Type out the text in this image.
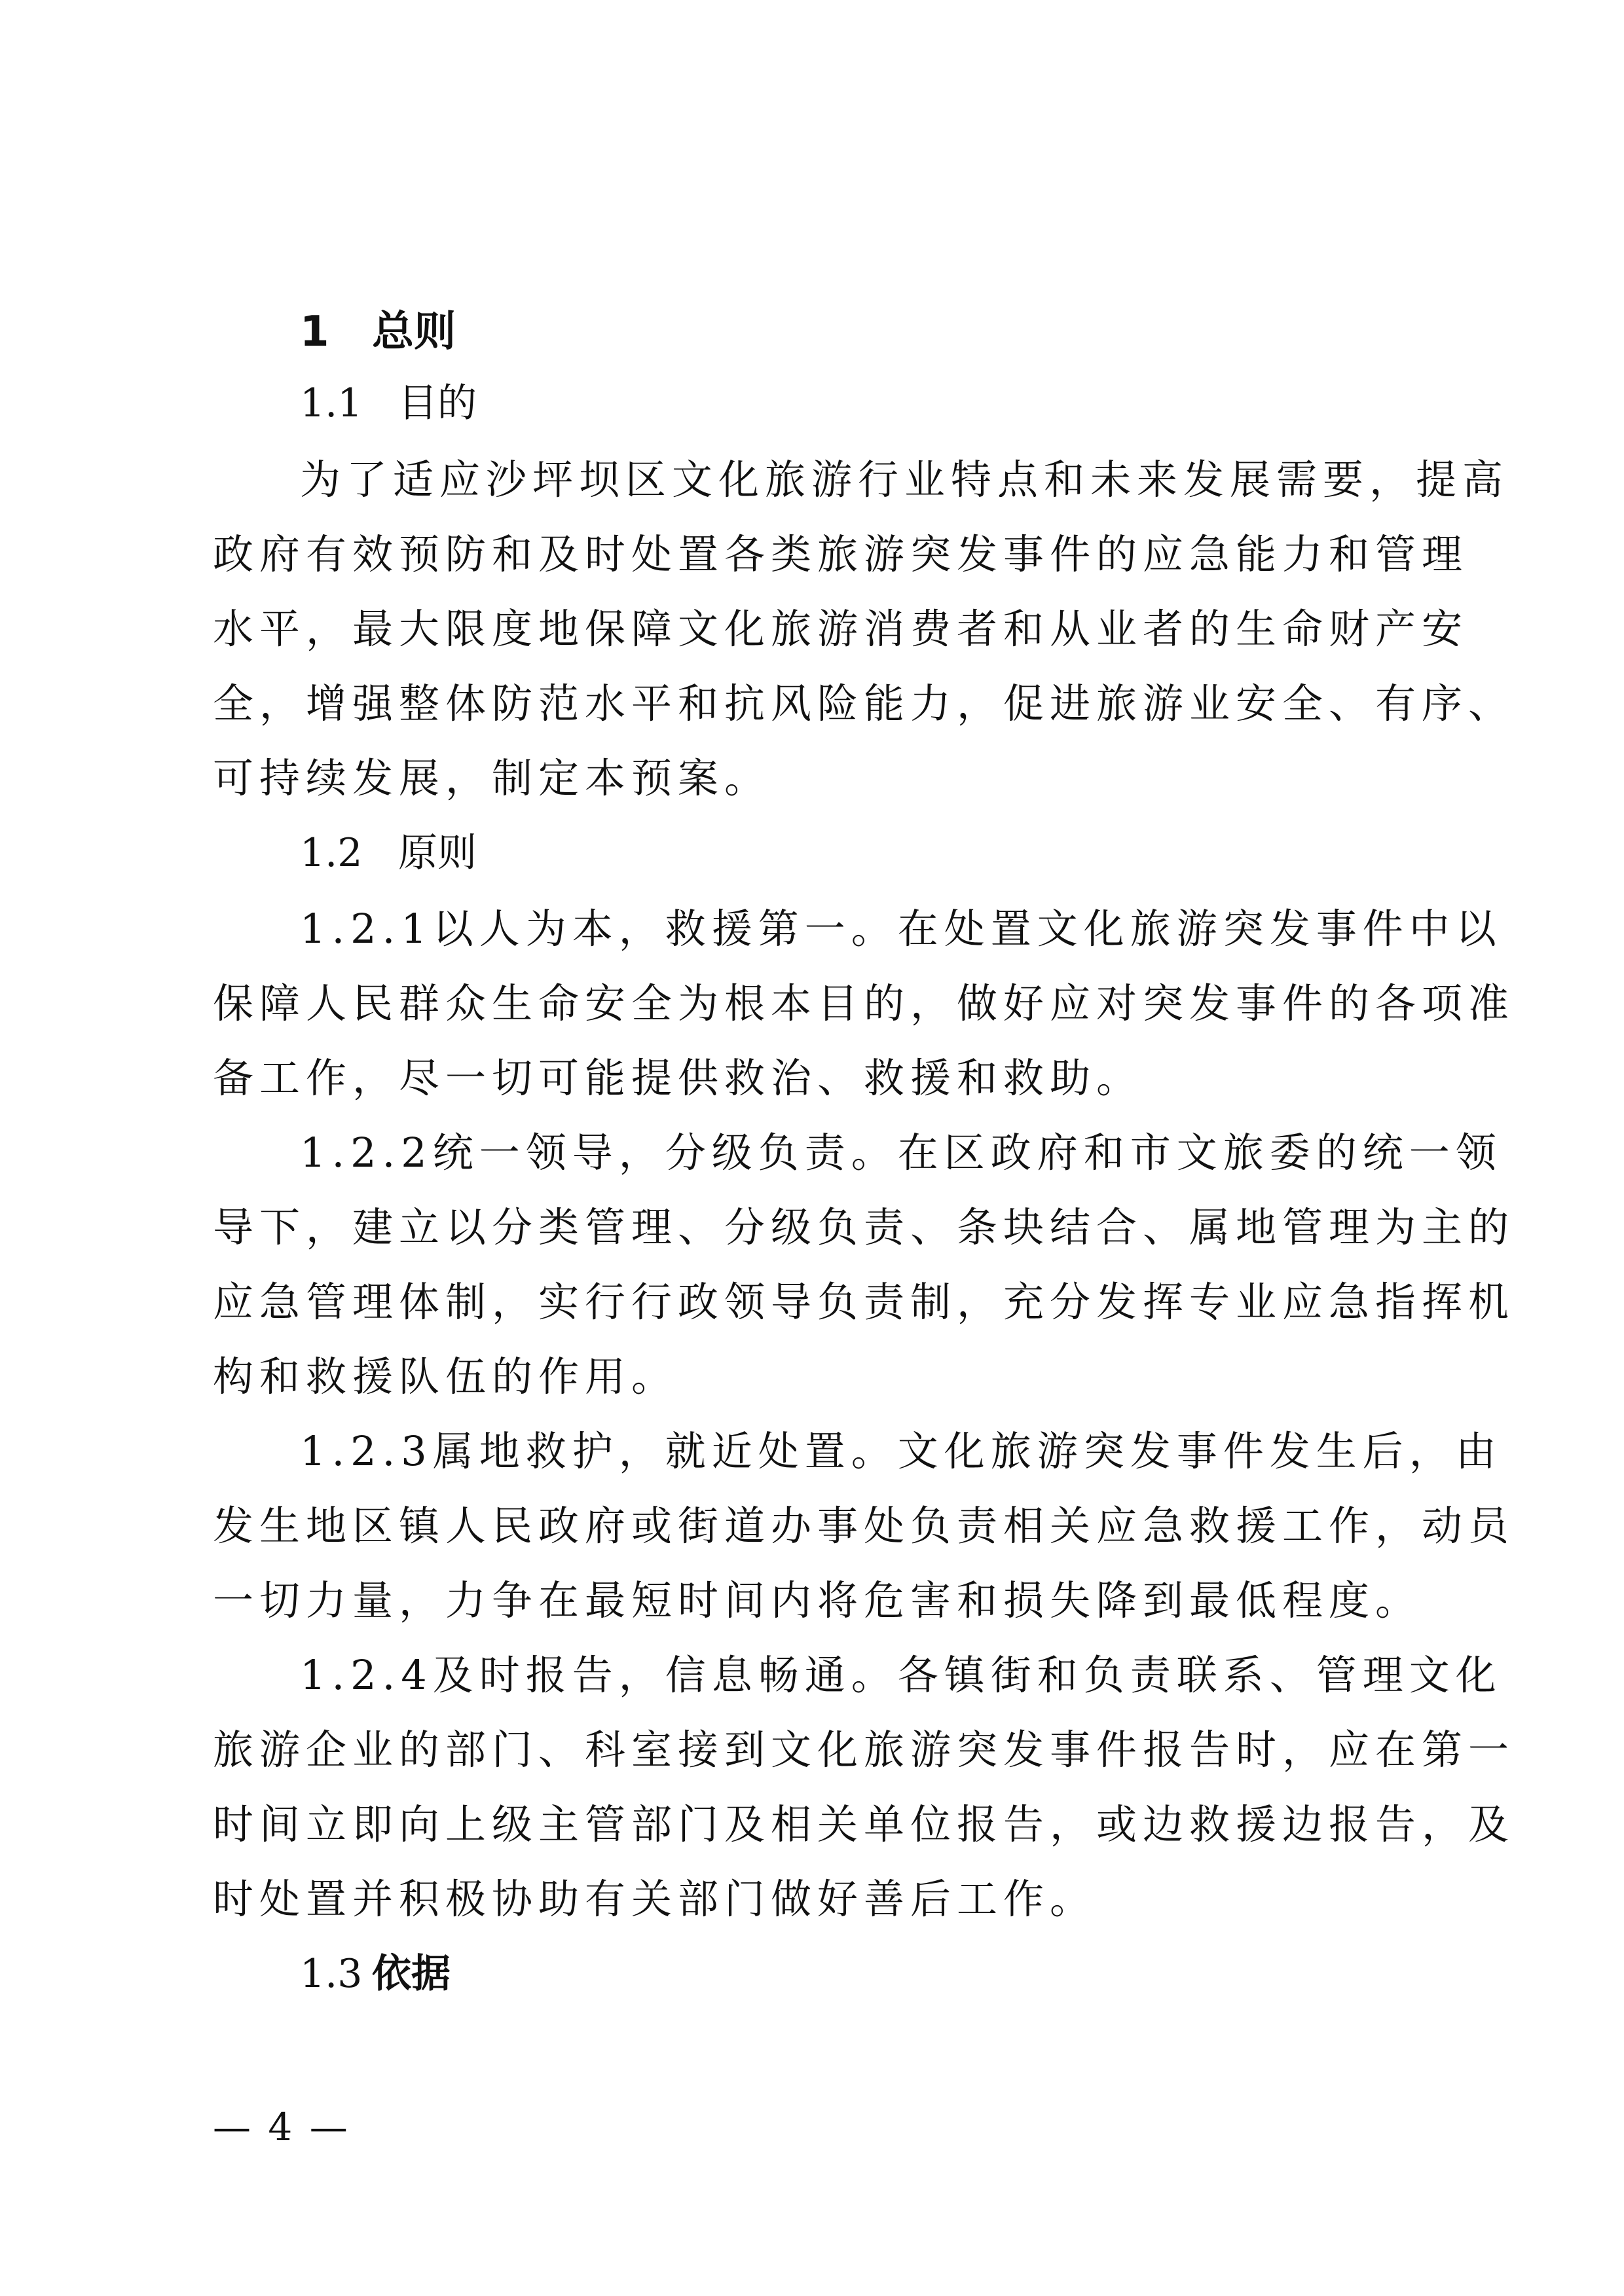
1 总则
1.1 目的
为了适应沙坪坝区文化旅游行业特点和未来发展需要，提高
政府有效预防和及时处置各类旅游突发事件的应急能力和管理
水平，最大限度地保障文化旅游消费者和从业者的生命财产安
全，增强整体防范水平和抗风险能力，促进旅游业安全、有序、
可持续发展，制定本预案。
1.2 原则
1.2.1以人为本，救援第一。在处置文化旅游突发事件中以
保障人民群众生命安全为根本目的，做好应对突发事件的各项准
备工作，尽一切可能提供救治、救援和救助。
1.2.2统一领导，分级负责。在区政府和市文旅委的统一领
导下，建立以分类管理、分级负责、条块结合、属地管理为主的
应急管理体制，实行行政领导负责制，充分发挥专业应急指挥机
构和救援队伍的作用。
1.2.3属地救护，就近处置。文化旅游突发事件发生后，由
发生地区镇人民政府或街道办事处负责相关应急救援工作，动员
一切力量，力争在最短时间内将危害和损失降到最低程度。
1.2.4及时报告，信息畅通。各镇街和负责联系、管理文化
旅游企业的部门、科室接到文化旅游突发事件报告时，应在第一
时间立即向上级主管部门及相关单位报告，或边救援边报告，及
时处置并积极协助有关部门做好善后工作。
1.3 依据
— 4 —
